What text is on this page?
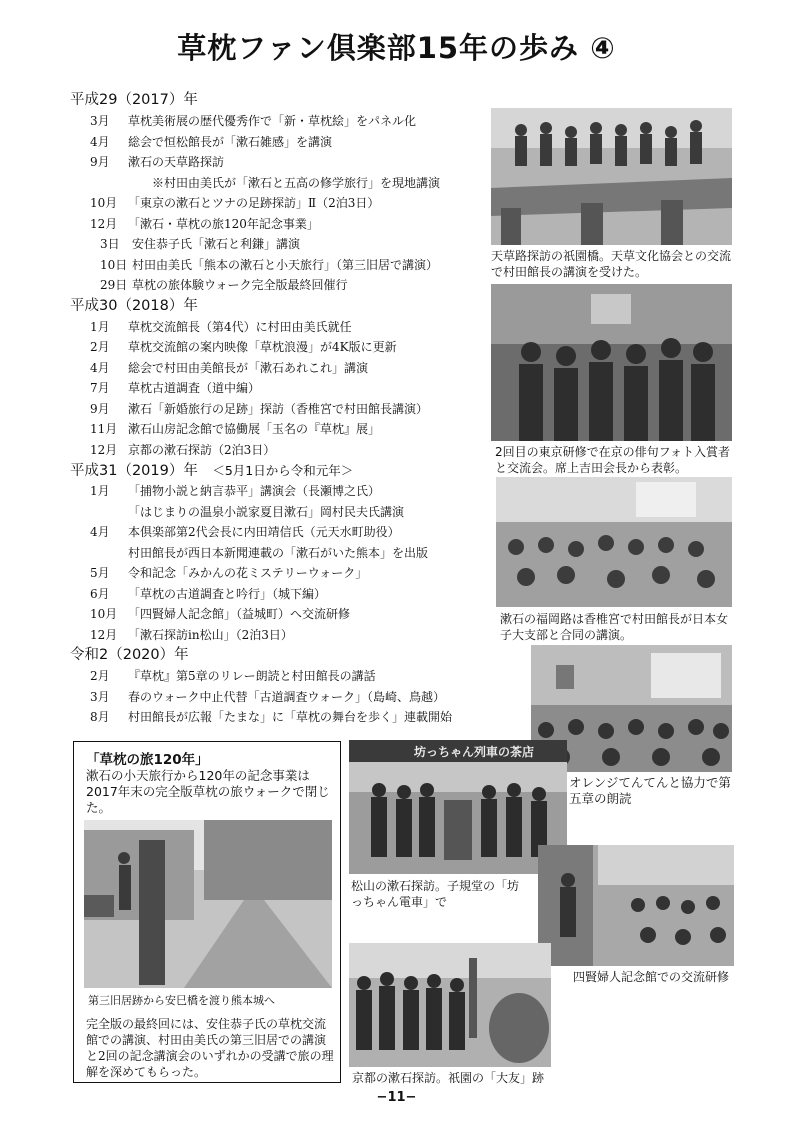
草枕ファン倶楽部15年の歩み ④
平成29（2017）年
3月 草枕美術展の歴代優秀作で「新・草枕絵」をパネル化
4月 総会で恒松館長が「漱石雑感」を講演
9月 漱石の天草路探訪
※村田由美氏が「漱石と五高の修学旅行」を現地講演
10月 「東京の漱石とツナの足跡探訪」Ⅱ（2泊3日）
12月 「漱石・草枕の旅120年記念事業」
3日 安住恭子氏「漱石と利鎌」講演
10日 村田由美氏「熊本の漱石と小天旅行」（第三旧居で講演）
29日 草枕の旅体験ウォーク完全版最終回催行
平成30（2018）年
1月 草枕交流館長（第4代）に村田由美氏就任
2月 草枕交流館の案内映像「草枕浪漫」が4K版に更新
4月 総会で村田由美館長が「漱石あれこれ」講演
7月 草枕古道調査（道中編）
9月 漱石「新婚旅行の足跡」探訪（香椎宮で村田館長講演）
11月 漱石山房記念館で協働展「玉名の『草枕』展」
12月 京都の漱石探訪（2泊3日）
平成31（2019）年　 ＜5月1日から令和元年＞
1月 「捕物小説と納言恭平」講演会（長瀬博之氏）
「はじまりの温泉小説家夏目漱石」岡村民夫氏講演
4月 本倶楽部第2代会長に内田靖信氏（元天水町助役）
村田館長が西日本新聞連載の「漱石がいた熊本」を出版
5月 令和記念「みかんの花ミステリーウォーク」
6月 「草枕の古道調査と吟行」（城下編）
10月 「四賢婦人記念館」（益城町）へ交流研修
12月 「漱石探訪in松山」（2泊3日）
令和2（2020）年
2月 『草枕』第5章のリレー朗読と村田館長の講話
3月 春のウォーク中止代替「古道調査ウォーク」（島崎、鳥越）
8月 村田館長が広報「たまな」に「草枕の舞台を歩く」連載開始
天草路探訪の祇園橋。天草文化協会との交流で村田館長の講演を受けた。
2回目の東京研修で在京の俳句フォト入賞者と交流会。席上吉田会長から表彰。
漱石の福岡路は香椎宮で村田館長が日本女子大支部と合同の講演。
坊っちゃん列車の茶店
オレンジてんてんと協力で第五章の朗読
松山の漱石探訪。子規堂の「坊っちゃん電車」で
四賢婦人記念館での交流研修
京都の漱石探訪。祇園の「大友」跡
「草枕の旅120年」
漱石の小天旅行から120年の記念事業は2017年末の完全版草枕の旅ウォークで閉じた。
第三旧居跡から安巳橋を渡り熊本城へ
完全版の最終回には、安住恭子氏の草枕交流館での講演、村田由美氏の第三旧居での講演と2回の記念講演会のいずれかの受講で旅の理解を深めてもらった。
−11−
